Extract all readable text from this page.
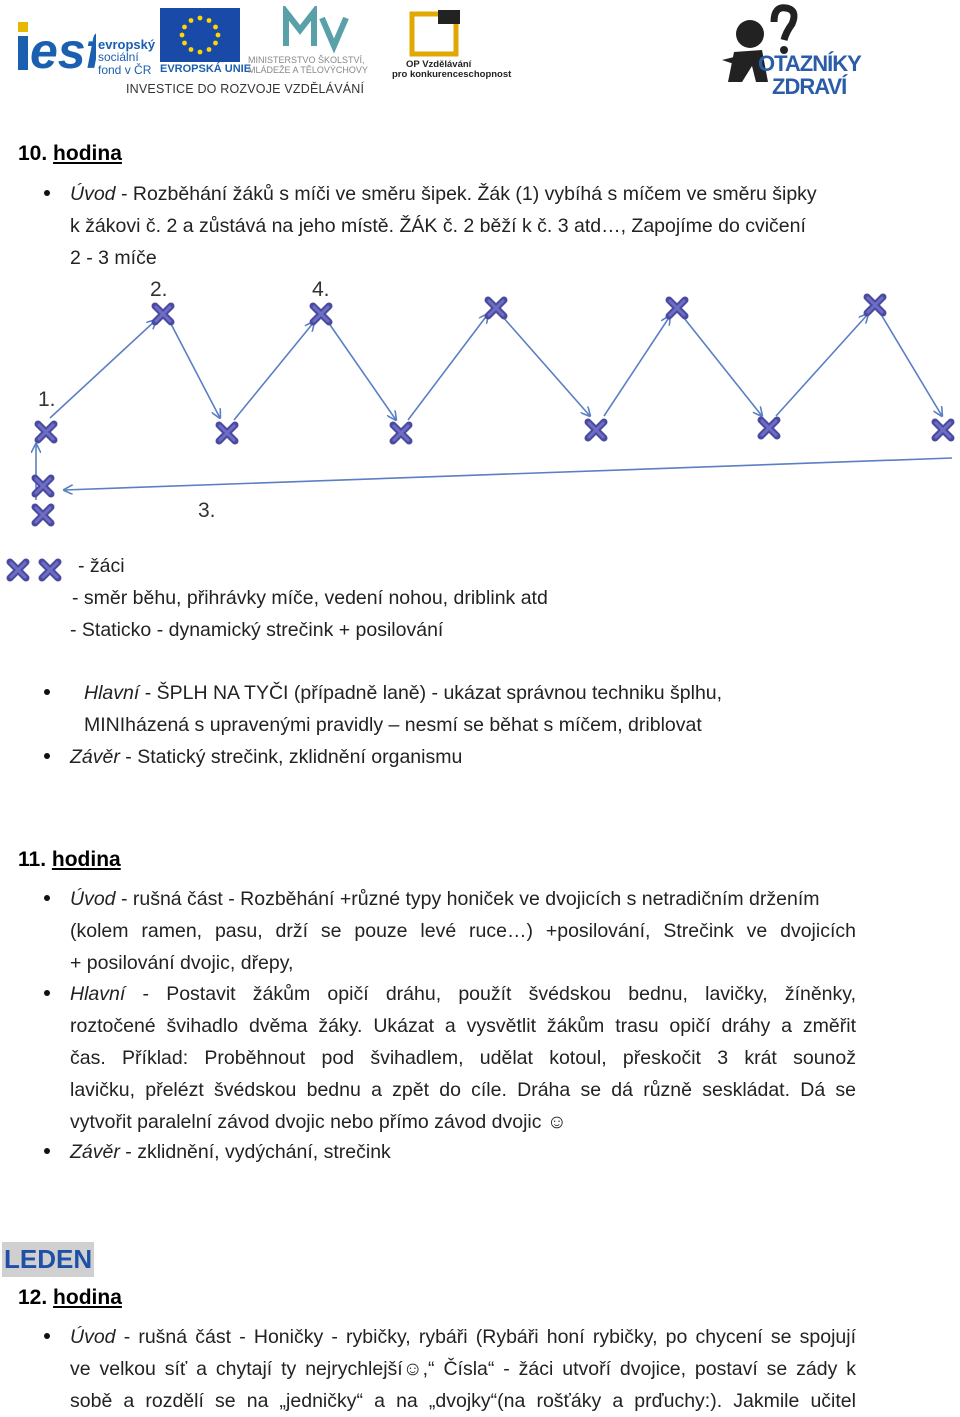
esf
evropský
sociální
fond v ČR EVROPSKÁ UNIE
MINISTERSTVO ŠKOLSTVÍ,
MLÁDEŽE A TĚLOVÝCHOVY	OP Vzdělávání
pro konkurenceschopnost
INVESTICE DO ROZVOJE VZDĚLÁVÁNÍ
OTAZNÍKY
ZDRAVÍ
10. hodina
Úvod - Rozběhání žáků s míči ve směru šipek. Žák (1) vybíhá s míčem ve směru šipky
k žákovi č. 2 a zůstává na jeho místě. ŽÁK č. 2 běží k č. 3 atd…, Zapojíme do cvičení
2 - 3 míče
2.	4.
1.
3.
- žáci
- směr běhu, přihrávky míče, vedení nohou, driblink atd
- Staticko - dynamický strečink + posilování
Hlavní - ŠPLH NA TYČI (případně laně) - ukázat správnou techniku šplhu,
MINIházená s upravenými pravidly – nesmí se běhat s míčem, driblovat
Závěr - Statický strečink, zklidnění organismu
11. hodina
Úvod - rušná část - Rozběhání +různé typy honiček ve dvojicích s netradičním držením
(kolem ramen, pasu, drží se pouze levé ruce…) +posilování, Strečink ve dvojicích
+ posilování dvojic, dřepy,
Hlavní - Postavit žákům opičí dráhu, použít švédskou bednu, lavičky, žíněnky,
roztočené švihadlo dvěma žáky. Ukázat a vysvětlit žákům trasu opičí dráhy a změřit
čas. Příklad: Proběhnout pod švihadlem, udělat kotoul, přeskočit 3 krát sounož
lavičku, přelézt švédskou bednu a zpět do cíle. Dráha se dá různě seskládat. Dá se
vytvořit paralelní závod dvojic nebo přímo závod dvojic ☺
Závěr - zklidnění, vydýchání, strečink
LEDEN
12. hodina
Úvod - rušná část - Honičky - rybičky, rybáři (Rybáři honí rybičky, po chycení se spojují
ve velkou síť a chytají ty nejrychlejší☺,“ Čísla“ - žáci utvoří dvojice, postaví se zády k
sobě a rozdělí se na „jedničky“ a na „dvojky“(na rošťáky a prďuchy:). Jakmile učitel
